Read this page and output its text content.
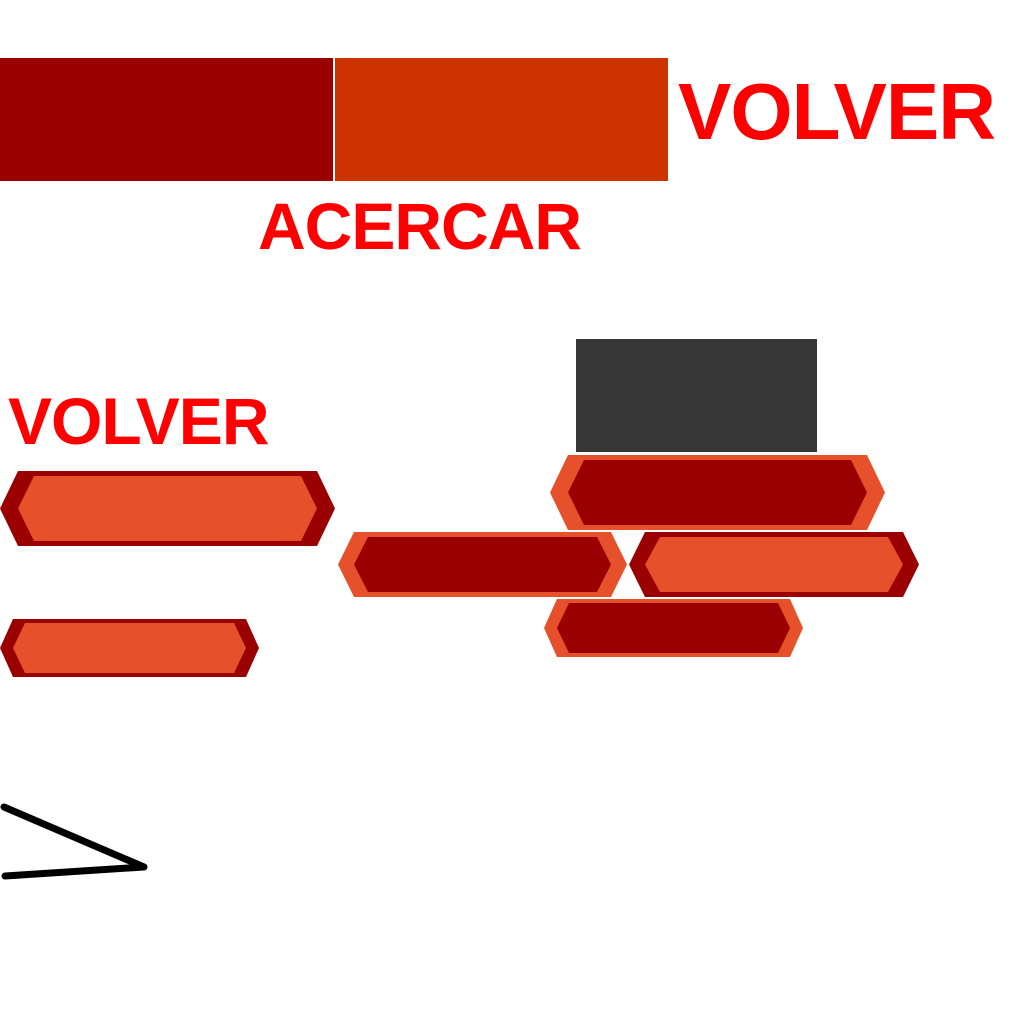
VOLVER
ACERCAR
VOLVER
